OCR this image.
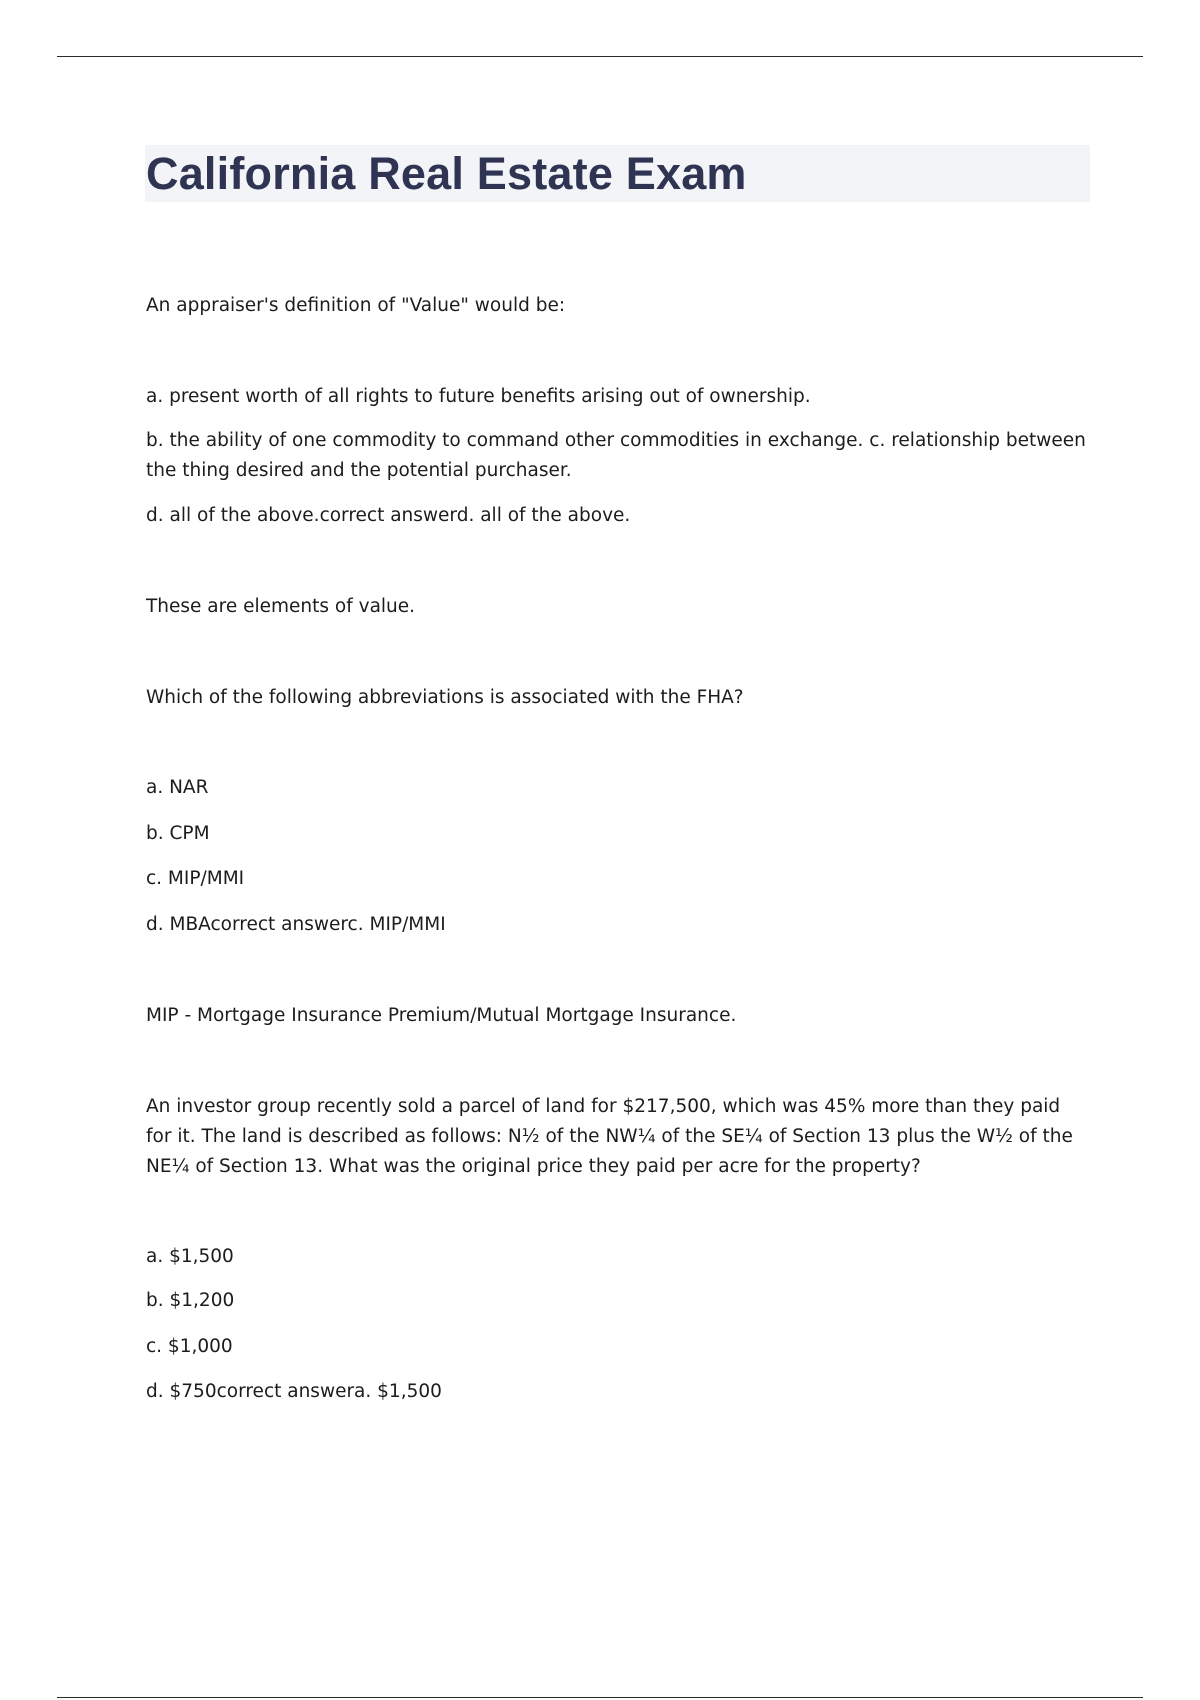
California Real Estate Exam

An appraiser's definition of "Value" would be:

a. present worth of all rights to future benefits arising out of ownership.

b. the ability of one commodity to command other commodities in exchange. c. relationship between the thing desired and the potential purchaser.

d. all of the above.correct answerd. all of the above.

These are elements of value.

Which of the following abbreviations is associated with the FHA?

a. NAR

b. CPM

c. MIP/MMI

d. MBAcorrect answerc. MIP/MMI

MIP - Mortgage Insurance Premium/Mutual Mortgage Insurance.

An investor group recently sold a parcel of land for $217,500, which was 45% more than they paid for it. The land is described as follows: N½ of the NW¼ of the SE¼ of Section 13 plus the W½ of the NE¼ of Section 13. What was the original price they paid per acre for the property?

a. $1,500

b. $1,200

c. $1,000

d. $750correct answera. $1,500
